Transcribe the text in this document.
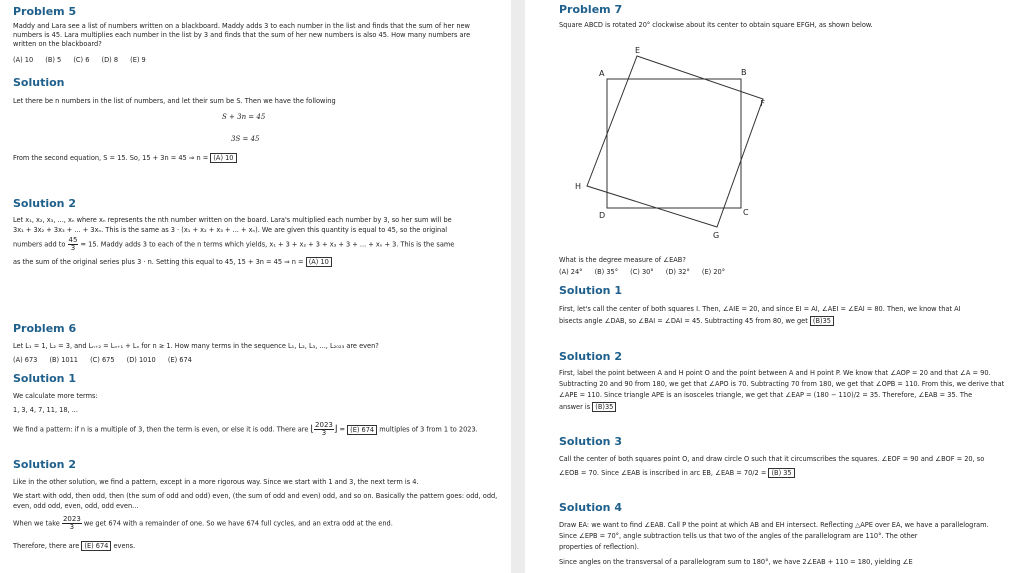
Problem 5
Maddy and Lara see a list of numbers written on a blackboard. Maddy adds 3 to each number in the list and finds that the sum of her new
numbers is 45. Lara multiplies each number in the list by 3 and finds that the sum of her new numbers is also 45. How many numbers are
written on the blackboard?
(A) 10 (B) 5 (C) 6 (D) 8 (E) 9
Solution
Let there be n numbers in the list of numbers, and let their sum be S. Then we have the following
S + 3n = 45
3S = 45
From the second equation, S = 15. So, 15 + 3n = 45 ⇒ n = (A) 10
Solution 2
Let x₁, x₂, x₃, ..., xₙ where xₙ represents the nth number written on the board. Lara's multiplied each number by 3, so her sum will be
3x₁ + 3x₂ + 3x₃ + ... + 3xₙ. This is the same as 3 · (x₁ + x₂ + x₃ + ... + xₙ). We are given this quantity is equal to 45, so the original
numbers add to $\frac{45}{3} = 15$. Maddy adds 3 to each of the n terms which yields, x₁ + 3 + x₂ + 3 + x₃ + 3 + ... + xₙ + 3. This is the same
as the sum of the original series plus 3 · n. Setting this equal to 45, 15 + 3n = 45 ⇒ n = (A) 10
Problem 6
Let L₁ = 1, L₂ = 3, and Lₙ₊₂ = Lₙ₊₁ + Lₙ for n ≥ 1. How many terms in the sequence L₁, L₂, L₃, ..., L₂₀₂₃ are even?
(A) 673 (B) 1011 (C) 675 (D) 1010 (E) 674
Solution 1
We calculate more terms:
1, 3, 4, 7, 11, 18, ...
We find a pattern: if n is a multiple of 3, then the term is even, or else it is odd. There are ⌊ $\frac{2023}{3}$ ⌋ = (E) 674 multiples of 3 from 1 to 2023.
Solution 2
Like in the other solution, we find a pattern, except in a more rigorous way. Since we start with 1 and 3, the next term is 4.
We start with odd, then odd, then (the sum of odd and odd) even, (the sum of odd and even) odd, and so on. Basically the pattern goes: odd, odd,
even, odd odd, even, odd, odd even...
When we take $\frac{2023}{3}$ we get 674 with a remainder of one. So we have 674 full cycles, and an extra odd at the end.
Therefore, there are (E) 674 evens.
Problem 7
Square ABCD is rotated 20° clockwise about its center to obtain square EFGH, as shown below.
A	B
C
D
E
F
G
H
What is the degree measure of ∠EAB?
(A) 24° (B) 35° (C) 30° (D) 32° (E) 20°
Solution 1
First, let's call the center of both squares I. Then, ∠AIE = 20, and since EI = AI, ∠AEI = ∠EAI = 80. Then, we know that AI
bisects angle ∠DAB, so ∠BAI = ∠DAI = 45. Subtracting 45 from 80, we get (B)35
Solution 2
First, label the point between A and H point O and the point between A and H point P. We know that ∠AOP = 20 and that ∠A = 90.
Subtracting 20 and 90 from 180, we get that ∠APO is 70. Subtracting 70 from 180, we get that ∠OPB = 110. From this, we derive that
∠APE = 110. Since triangle APE is an isosceles triangle, we get that ∠EAP = (180 − 110)/2 = 35. Therefore, ∠EAB = 35. The
answer is (B)35
Solution 3
Call the center of both squares point O, and draw circle O such that it circumscribes the squares. ∠EOF = 90 and ∠BOF = 20, so
∠EOB = 70. Since ∠EAB is inscribed in arc EB, ∠EAB = 70/2 = (B) 35
Solution 4
Draw EA: we want to find ∠EAB. Call P the point at which AB and EH intersect. Reflecting △APE over EA, we have a parallelogram.
Since ∠EPB = 70°, angle subtraction tells us that two of the angles of the parallelogram are 110°. The other
properties of reflection).
Since angles on the transversal of a parallelogram sum to 180°, we have 2∠EAB + 110 = 180, yielding ∠E
